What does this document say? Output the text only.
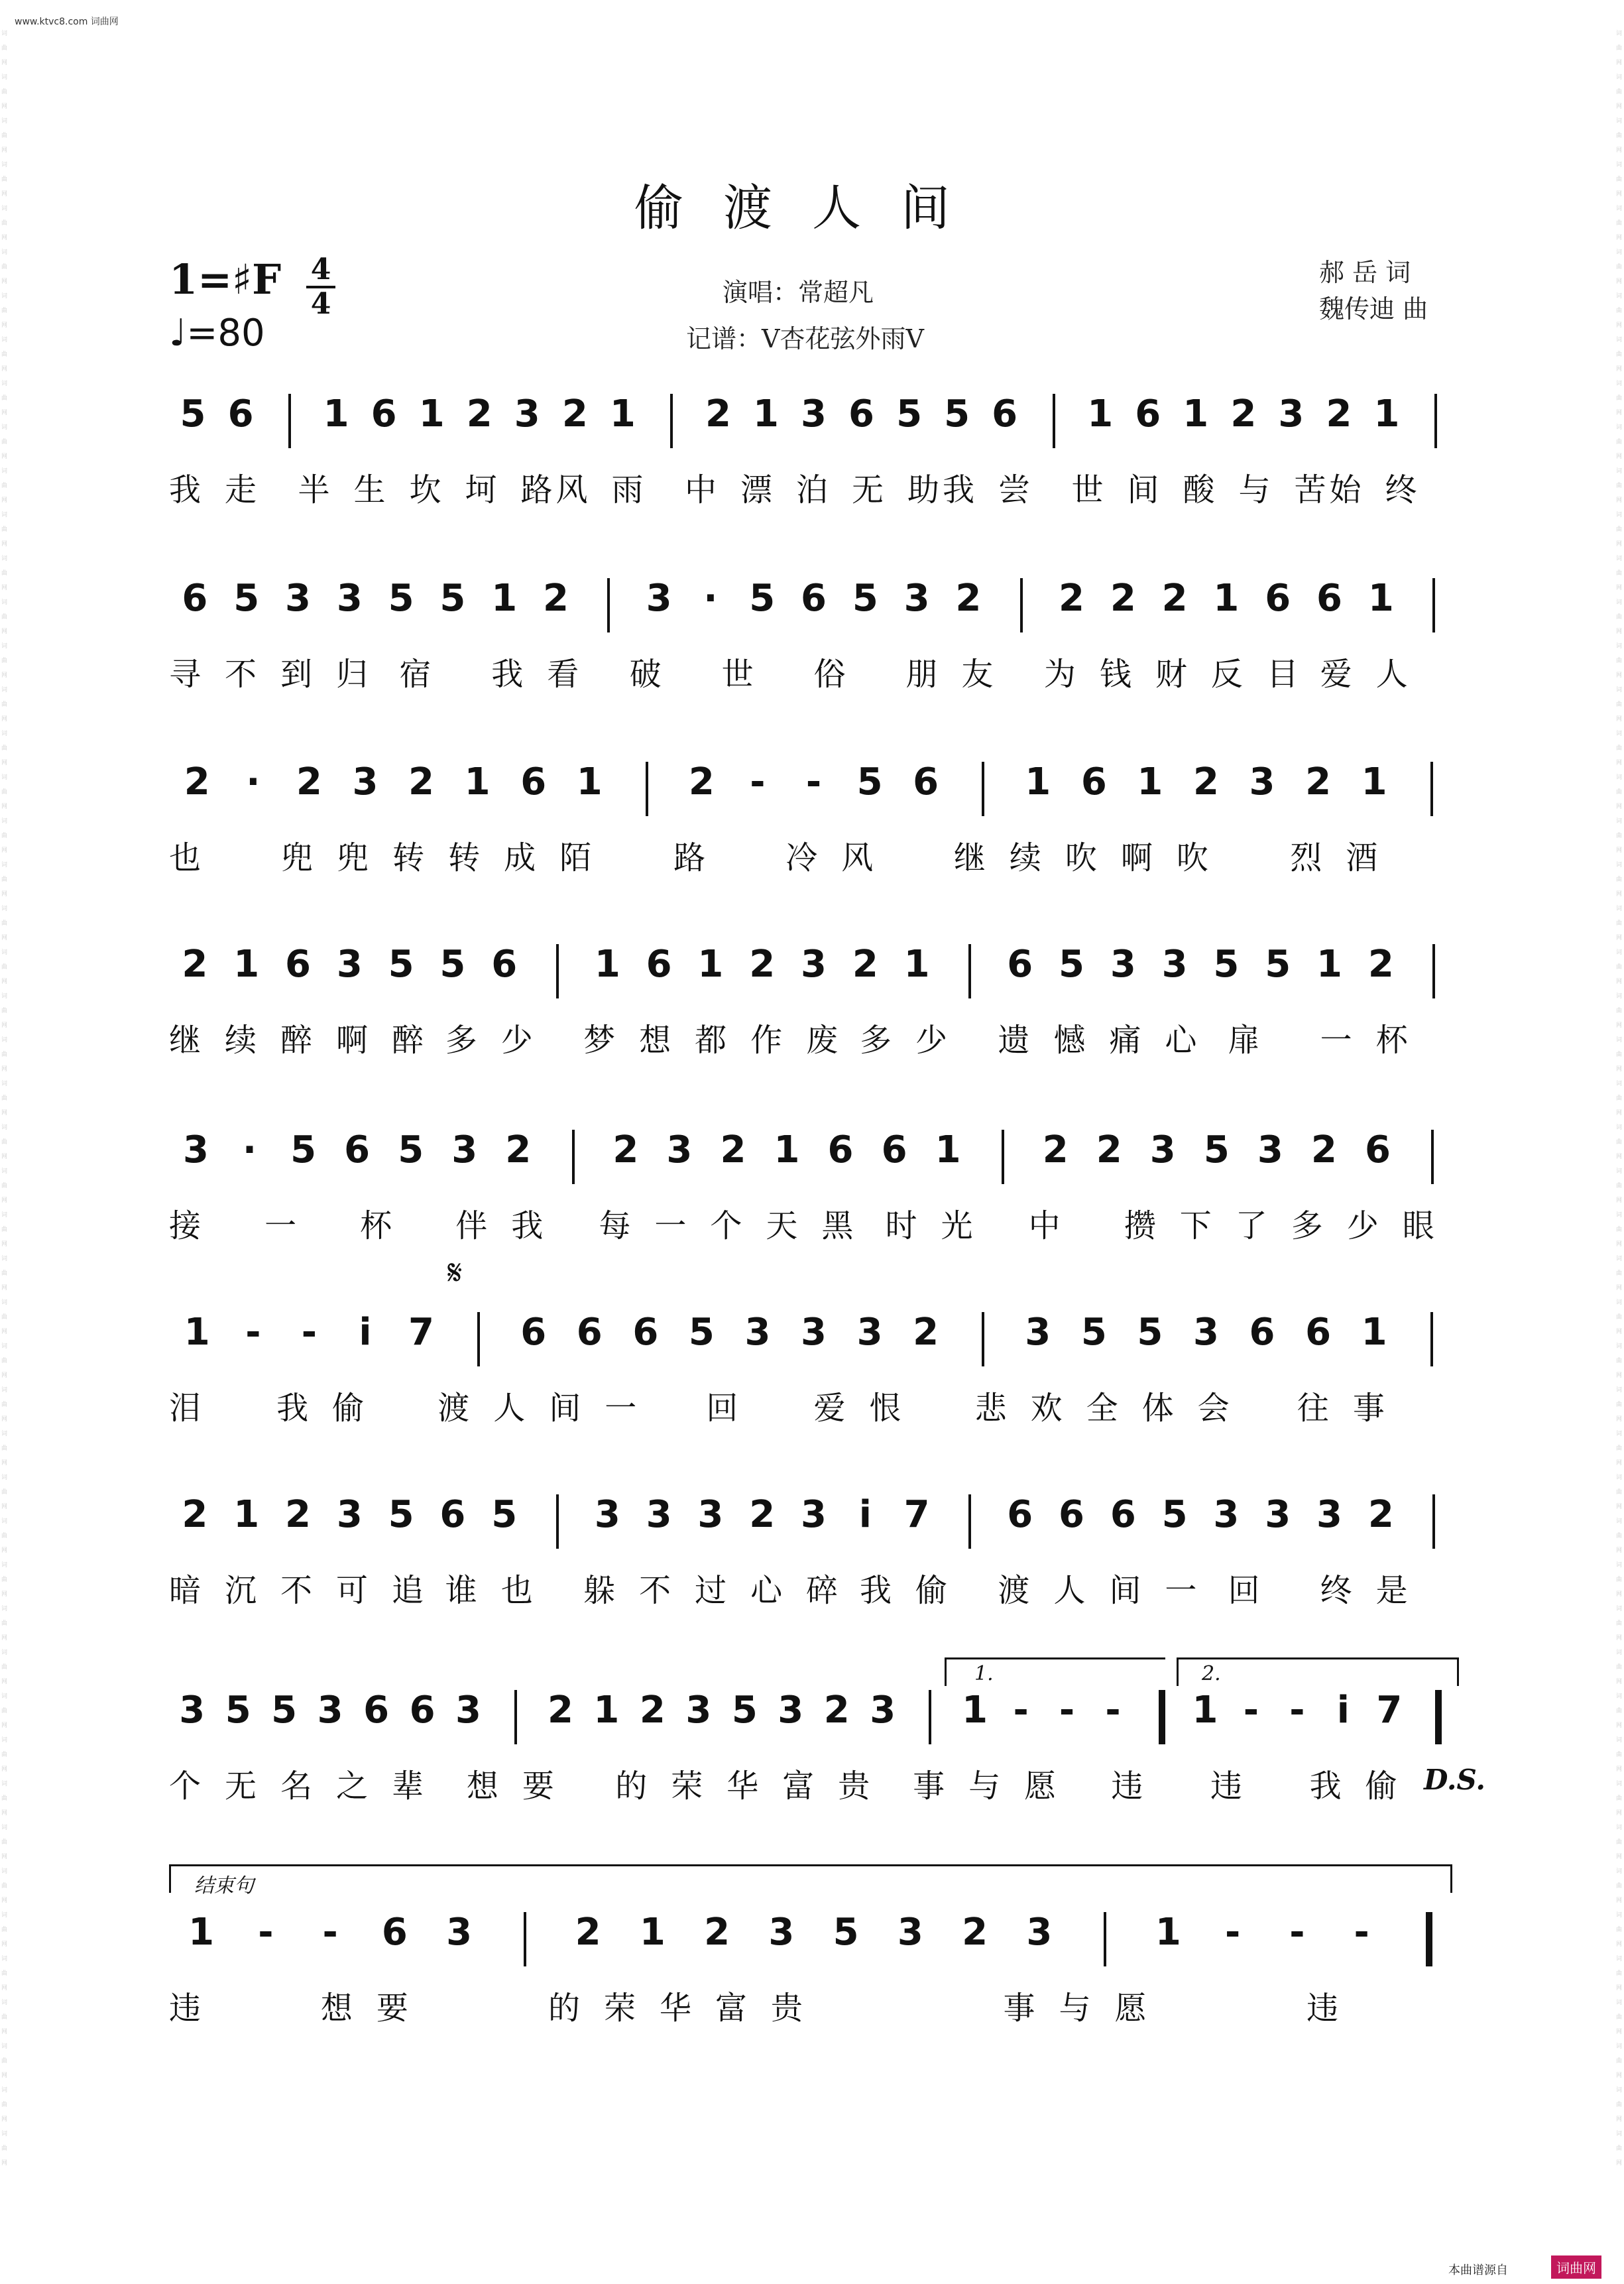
www.ktvc8.com 词曲网
词曲网词曲网词曲网词曲网词曲网词曲网词曲网词曲网词曲网词曲网词曲网词曲网词曲网词曲网词曲网词曲网词曲网词曲网词曲网词曲网词曲网词曲网词曲网词曲网词曲网词曲网词曲网词曲网词曲网词曲网词曲网词曲网词曲网词曲网词曲网词曲网词曲网词曲网词曲网词曲网词曲网词曲网词曲网词曲网词曲网词曲网词曲网词曲网词曲网
词曲网词曲网词曲网词曲网词曲网词曲网词曲网词曲网词曲网词曲网词曲网词曲网词曲网词曲网词曲网词曲网词曲网词曲网词曲网词曲网词曲网词曲网词曲网词曲网词曲网词曲网词曲网词曲网词曲网词曲网词曲网词曲网词曲网词曲网词曲网词曲网词曲网词曲网词曲网词曲网词曲网词曲网词曲网词曲网词曲网词曲网词曲网词曲网词曲网
偷渡人间
1=♯F 4
4
♩=80
演唱：常超凡
记谱：V杏花弦外雨V
郝 岳 词
魏传迪 曲
5 6 1 6 1 2 3 2 1 2 1 3 6 5 5 6 1 6 1 2 3 2 1
我走 半生坎坷路
风雨 中漂泊无助
我尝 世间酸与苦
始终
6 5 3 3 5 5 1 2 3 · 5 6 5 3 2 2 2 2 1 6 6 1
寻不到归 宿 我看 破 世 俗 朋友 为钱财反目
爱人
2 · 2 3 2 1 6 1 2 -	- 5 6 1 6 1 2 3 2 1
也 兜兜转转成陌 路 冷风 继续吹啊吹 烈酒
2 1 6 3 5 5 6 1 6 1 2 3 2 1 6 5 3 3 5 5 1 2
继续醉啊醉
多少 梦想都作废
多少 遗憾痛心 扉 一杯
3 · 5 6 5 3 2 2 3 2 1 6 6 1 2 2 3 5 3 2 6
接 一 杯 伴我 每一个天黑 时光 中 攒下了多少眼
1 -	-	i 7 6 6 6 5 3 3 3 2 3 5 5 3 6 6 1
泪 我偷 渡人间一 回 爱恨 悲欢全体会 往事
2 1 2 3 5 6 5 3 3 3 2 3 i 7 6 6 6 5 3 3 3 2
暗沉不可追
谁也 躲不过心碎
我偷 渡人间一 回 终是
3 5 5 3 6 6 3 2 1 2 3 5 3 2 3 1 - - -	1 - - i 7
个无名之辈 想要 的荣华富贵 事与愿 违 违 我偷
1	-	-	6 3	2 1 2 3 5 3 2 3	1	-	-	-
违	想要	的荣华富贵	事与愿	违
𝄋
1.	2.
D.S.
结束句
本曲谱源自	词曲网
